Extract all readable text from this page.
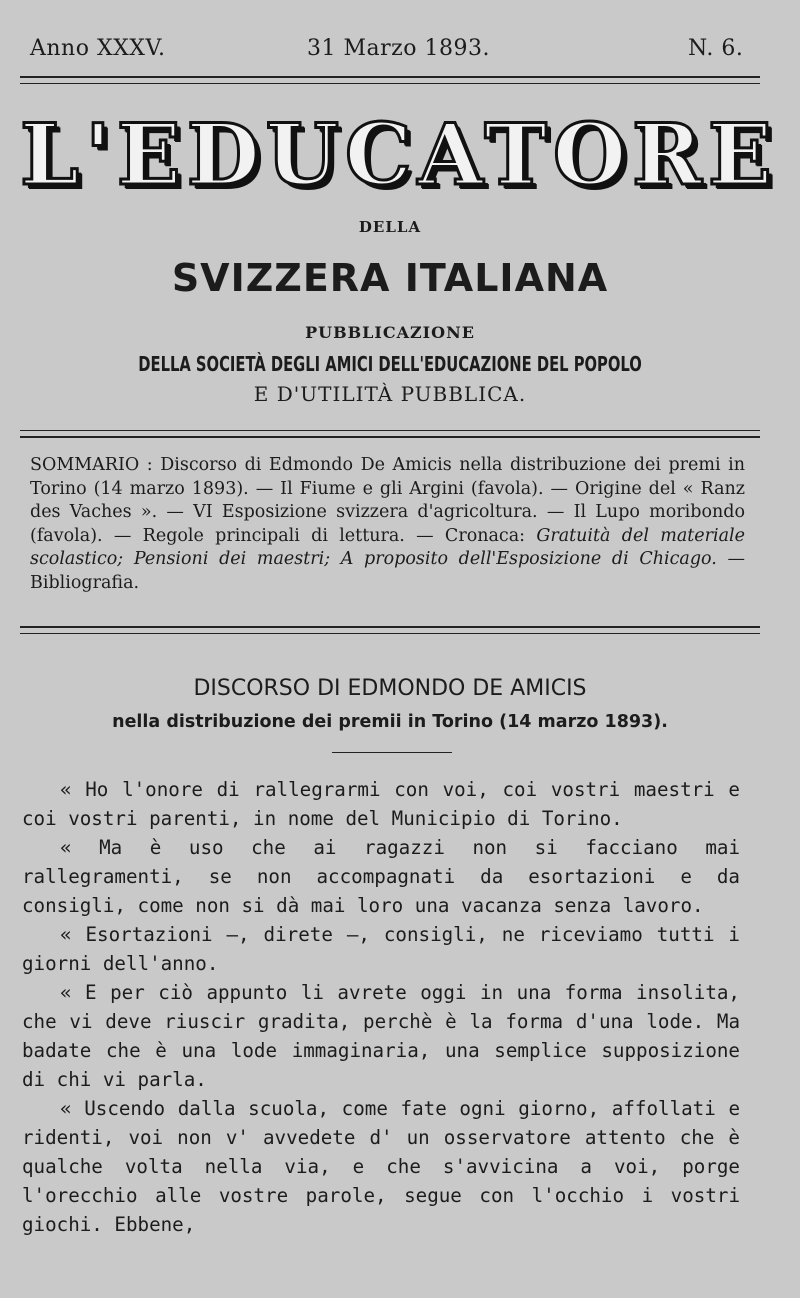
Anno XXXV.	31 Marzo 1893.	N. 6.
L'EDUCATORE
DELLA
SVIZZERA ITALIANA
PUBBLICAZIONE
DELLA SOCIETÀ DEGLI AMICI DELL'EDUCAZIONE DEL POPOLO
E D'UTILITÀ PUBBLICA.
SOMMARIO : Discorso di Edmondo De Amicis nella distribuzione dei premi in Torino (14 marzo 1893). — Il Fiume e gli Argini (favola). — Origine del « Ranz des Vaches ». — VI Esposizione svizzera d'agricoltura. — Il Lupo moribondo (favola). — Regole principali di lettura. — Cronaca: Gratuità del materiale scolastico; Pensioni dei maestri; A proposito dell'Esposizione di Chicago. — Bibliografia.
DISCORSO DI EDMONDO DE AMICIS
nella distribuzione dei premii in Torino (14 marzo 1893).

« Ho l'onore di rallegrarmi con voi, coi vostri maestri e coi vostri parenti, in nome del Municipio di Torino.

« Ma è uso che ai ragazzi non si facciano mai rallegramenti, se non accompagnati da esortazioni e da consigli, come non si dà mai loro una vacanza senza lavoro.

« Esortazioni –, direte –, consigli, ne riceviamo tutti i giorni dell'anno.

« E per ciò appunto li avrete oggi in una forma insolita, che vi deve riuscir gradita, perchè è la forma d'una lode. Ma badate che è una lode immaginaria, una semplice supposizione di chi vi parla.

« Uscendo dalla scuola, come fate ogni giorno, affollati e ridenti, voi non v' avvedete d' un osservatore attento che è qualche volta nella via, e che s'avvicina a voi, porge l'orecchio alle vostre parole, segue con l'occhio i vostri giochi. Ebbene,
